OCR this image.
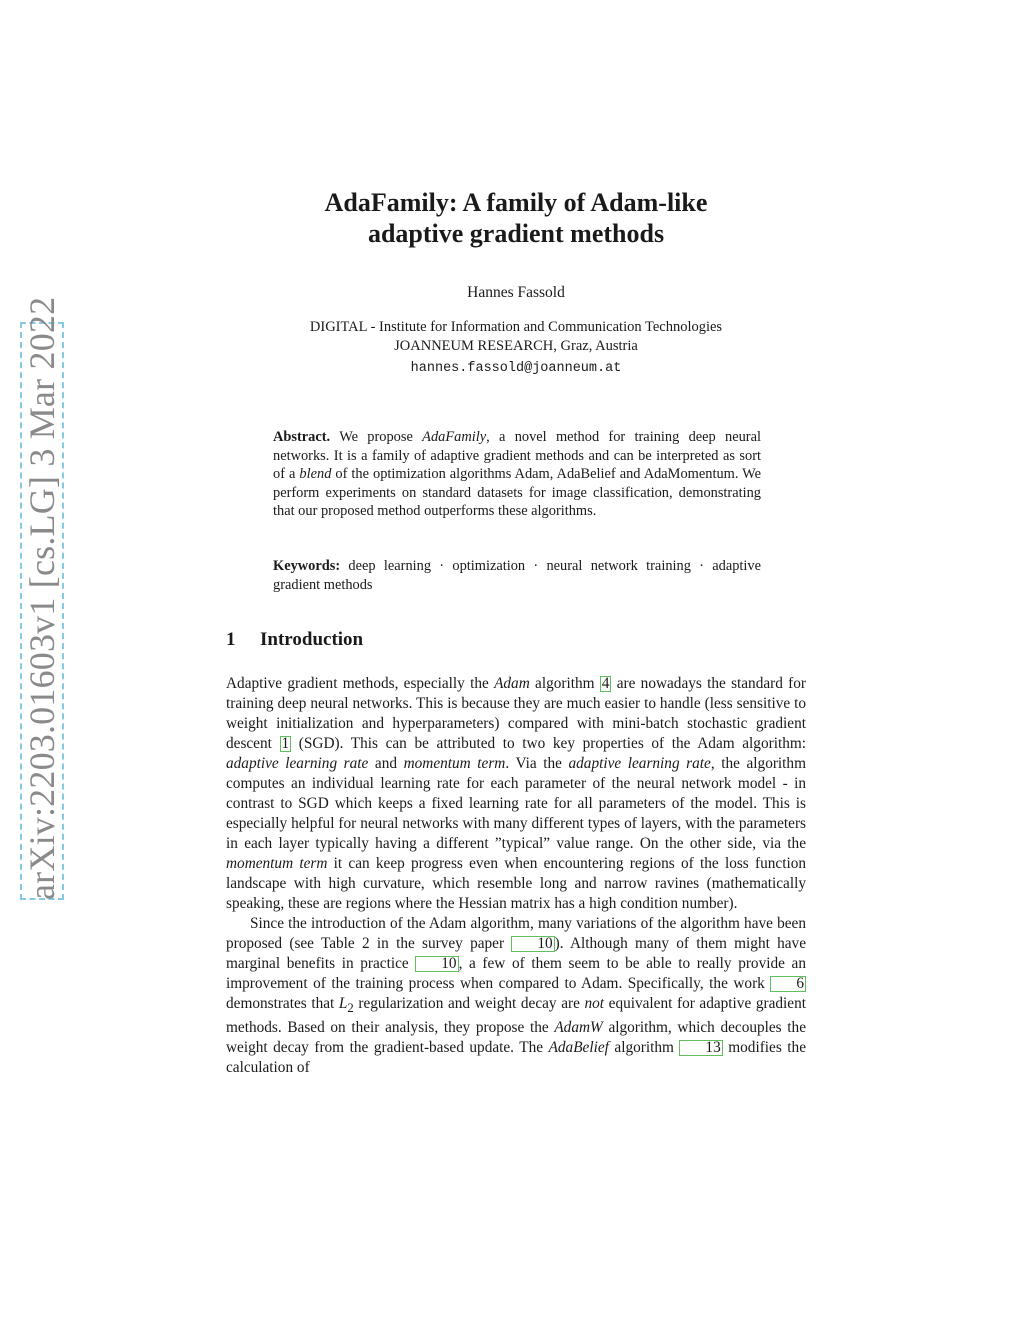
arXiv:2203.01603v1 [cs.LG] 3 Mar 2022
AdaFamily: A family of Adam-like
adaptive gradient methods
Hannes Fassold
DIGITAL - Institute for Information and Communication Technologies
JOANNEUM RESEARCH, Graz, Austria
hannes.fassold@joanneum.at
Abstract. We propose AdaFamily, a novel method for training deep neural networks. It is a family of adaptive gradient methods and can be interpreted as sort of a blend of the optimization algorithms Adam, AdaBelief and AdaMomentum. We perform experiments on standard datasets for image classification, demonstrating that our proposed method outperforms these algorithms.
Keywords: deep learning · optimization · neural network training · adaptive gradient methods
1 Introduction

Adaptive gradient methods, especially the Adam algorithm 4 are nowadays the standard for training deep neural networks. This is because they are much easier to handle (less sensitive to weight initialization and hyperparameters) compared with mini-batch stochastic gradient descent 1 (SGD). This can be attributed to two key properties of the Adam algorithm: adaptive learning rate and momentum term. Via the adaptive learning rate, the algorithm computes an individual learning rate for each parameter of the neural network model - in contrast to SGD which keeps a fixed learning rate for all parameters of the model. This is especially helpful for neural networks with many different types of layers, with the parameters in each layer typically having a different ”typical” value range. On the other side, via the momentum term it can keep progress even when encountering regions of the loss function landscape with high curvature, which resemble long and narrow ravines (mathematically speaking, these are regions where the Hessian matrix has a high condition number).

Since the introduction of the Adam algorithm, many variations of the algorithm have been proposed (see Table 2 in the survey paper 10 ). Although many of them might have marginal benefits in practice 10 , a few of them seem to be able to really provide an improvement of the training process when compared to Adam. Specifically, the work 6 demonstrates that $L_2$ regularization and weight decay are not equivalent for adaptive gradient methods. Based on their analysis, they propose the AdamW algorithm, which decouples the weight decay from the gradient-based update. The AdaBelief algorithm 13 modifies the calculation of
